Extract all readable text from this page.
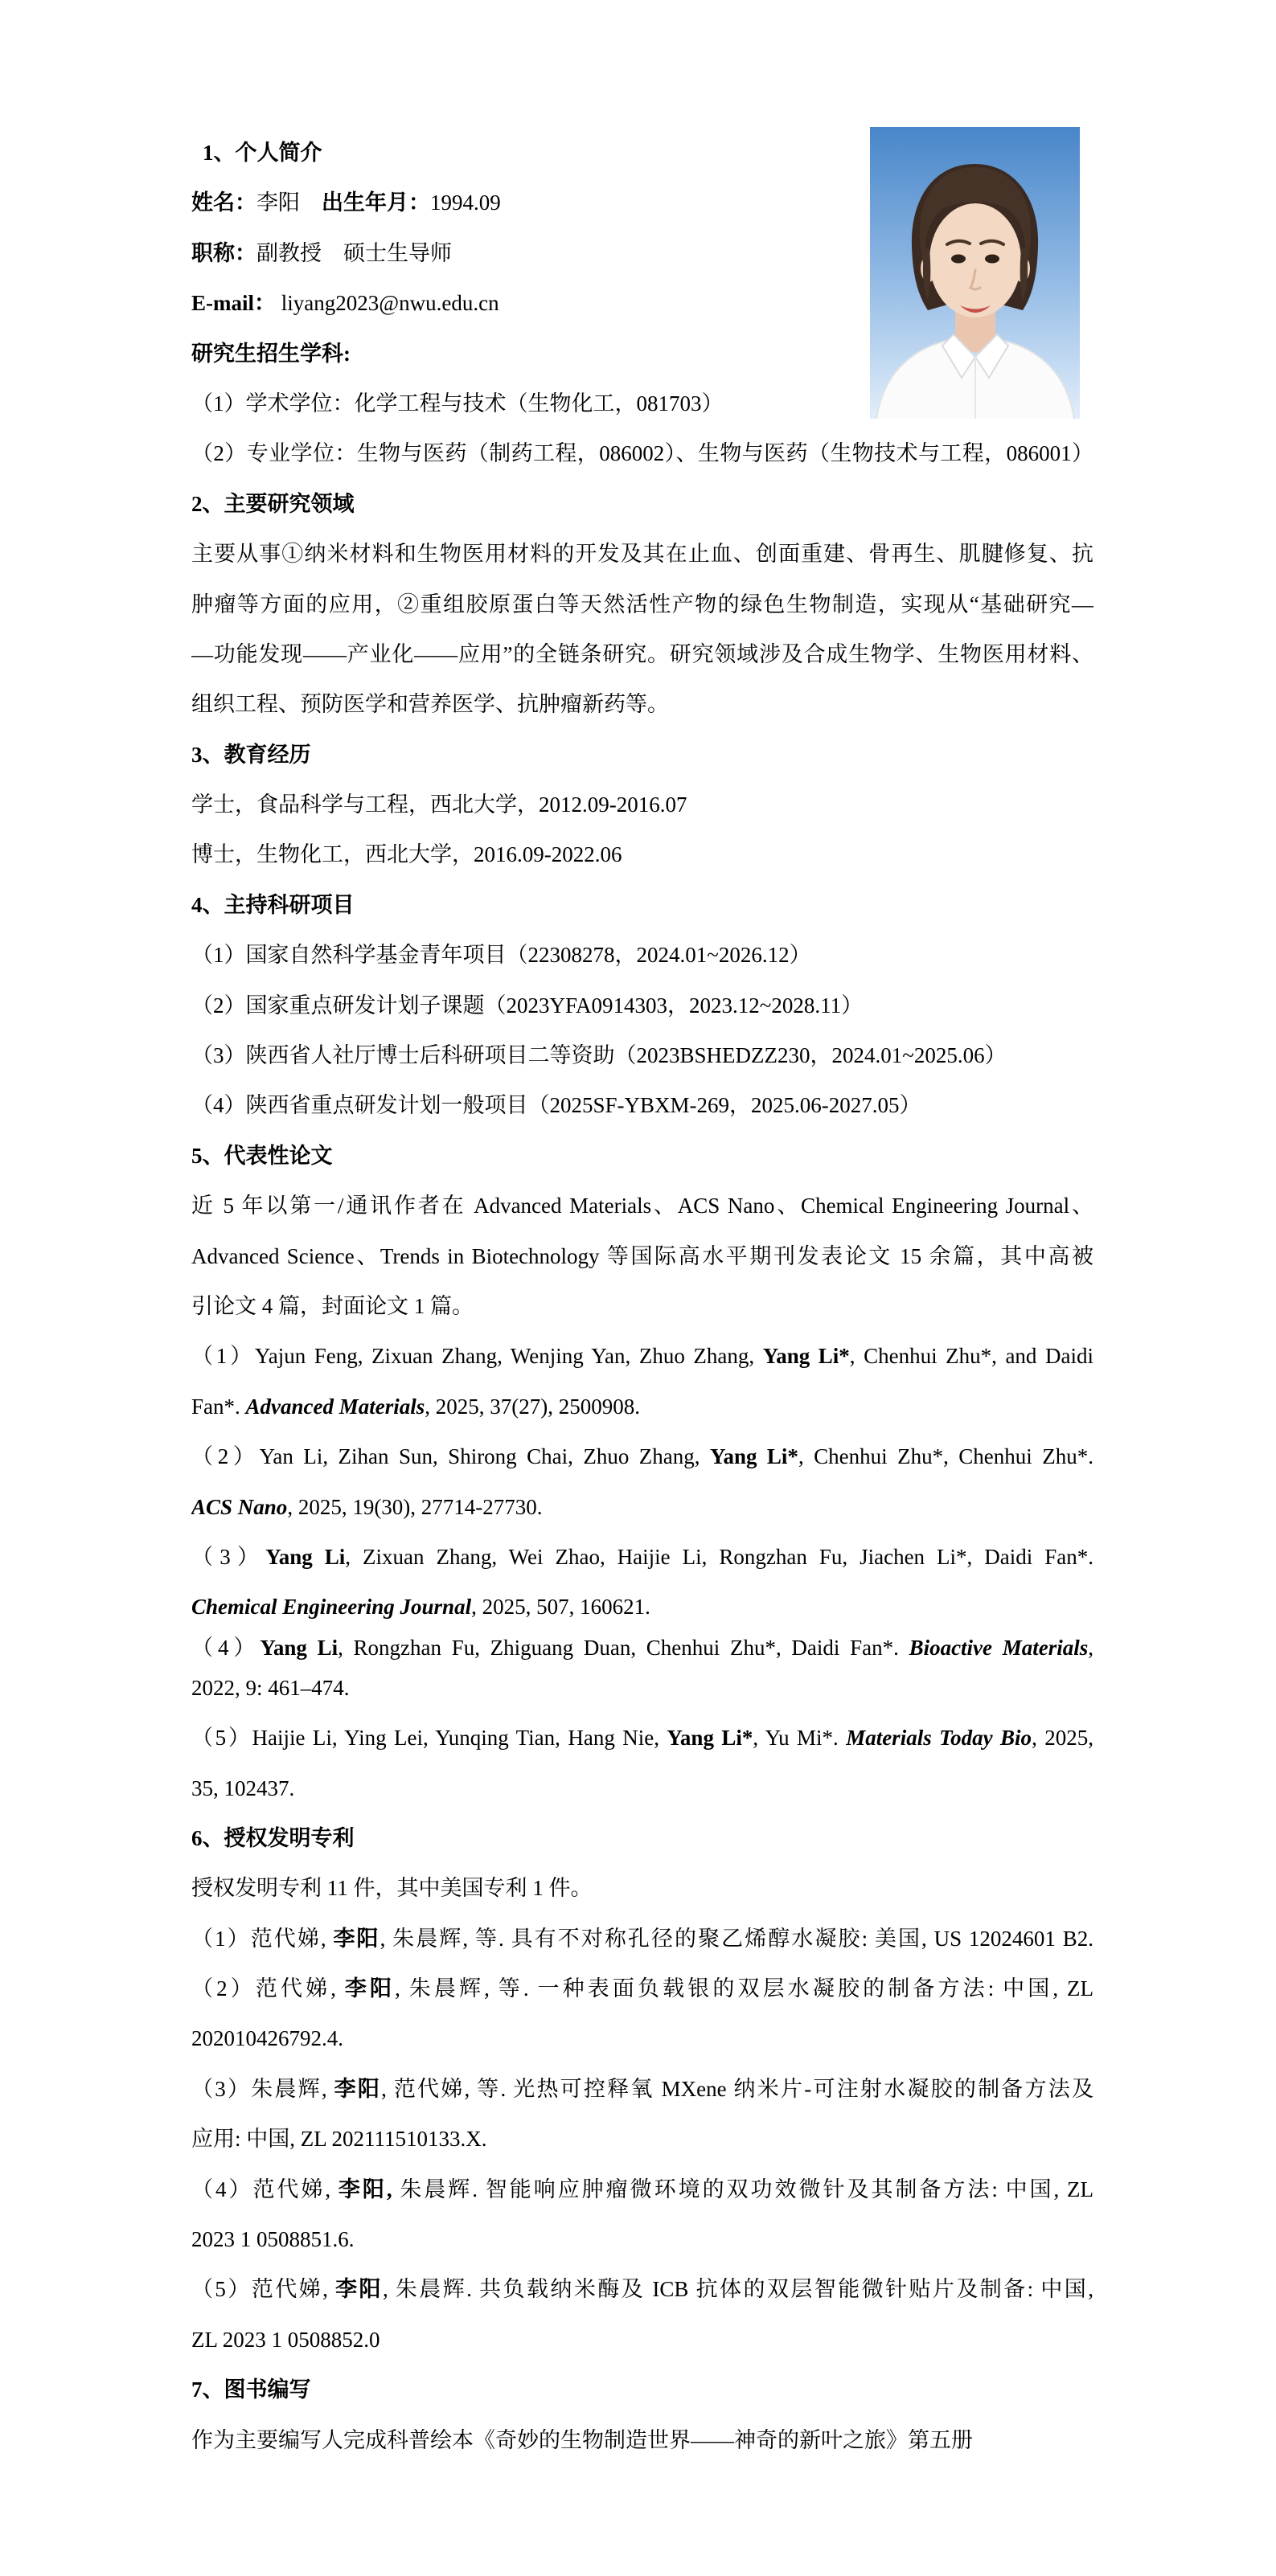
1、个人简介
姓名：李阳　出生年月：1994.09
职称：副教授　硕士生导师
E-mail： liyang2023@nwu.edu.cn
研究生招生学科:
（1）学术学位：化学工程与技术（生物化工，081703）
（2）专业学位：生物与医药（制药工程，086002）、生物与医药（生物技术与工程，086001）
2、主要研究领域
主要从事①纳米材料和生物医用材料的开发及其在止血、创面重建、骨再生、肌腱修复、抗
肿瘤等方面的应用，②重组胶原蛋白等天然活性产物的绿色生物制造，实现从“基础研究—
—功能发现——产业化——应用”的全链条研究。研究领域涉及合成生物学、生物医用材料、
组织工程、预防医学和营养医学、抗肿瘤新药等。
3、教育经历
学士，食品科学与工程，西北大学，2012.09-2016.07
博士，生物化工，西北大学，2016.09-2022.06
4、主持科研项目
（1）国家自然科学基金青年项目（22308278，2024.01~2026.12）
（2）国家重点研发计划子课题（2023YFA0914303，2023.12~2028.11）
（3）陕西省人社厅博士后科研项目二等资助（2023BSHEDZZ230，2024.01~2025.06）
（4）陕西省重点研发计划一般项目（2025SF-YBXM-269，2025.06-2027.05）
5、代表性论文
近 5 年以第一/通讯作者在 Advanced Materials、ACS Nano、Chemical Engineering Journal、
Advanced Science、Trends in Biotechnology 等国际高水平期刊发表论文 15 余篇，其中高被
引论文 4 篇，封面论文 1 篇。
（1）Yajun Feng, Zixuan Zhang, Wenjing Yan, Zhuo Zhang, Yang Li*, Chenhui Zhu*, and Daidi
Fan*. Advanced Materials, 2025, 37(27), 2500908.
（2）Yan Li, Zihan Sun, Shirong Chai, Zhuo Zhang, Yang Li*, Chenhui Zhu*, Chenhui Zhu*.
ACS Nano, 2025, 19(30), 27714-27730.
（3）Yang Li, Zixuan Zhang, Wei Zhao, Haijie Li, Rongzhan Fu, Jiachen Li*, Daidi Fan*.
Chemical Engineering Journal, 2025, 507, 160621.
（4）Yang Li, Rongzhan Fu, Zhiguang Duan, Chenhui Zhu*, Daidi Fan*. Bioactive Materials,
2022, 9: 461–474.
（5）Haijie Li, Ying Lei, Yunqing Tian, Hang Nie, Yang Li*, Yu Mi*. Materials Today Bio, 2025,
35, 102437.
6、授权发明专利
授权发明专利 11 件，其中美国专利 1 件。
（1）范代娣, 李阳, 朱晨辉, 等. 具有不对称孔径的聚乙烯醇水凝胶: 美国, US 12024601 B2.
（2）范代娣, 李阳, 朱晨辉, 等. 一种表面负载银的双层水凝胶的制备方法: 中国, ZL
202010426792.4.
（3）朱晨辉, 李阳, 范代娣, 等. 光热可控释氧 MXene 纳米片-可注射水凝胶的制备方法及
应用: 中国, ZL 202111510133.X.
（4）范代娣, 李阳, 朱晨辉. 智能响应肿瘤微环境的双功效微针及其制备方法: 中国, ZL
2023 1 0508851.6.
（5）范代娣, 李阳, 朱晨辉. 共负载纳米酶及 ICB 抗体的双层智能微针贴片及制备: 中国,
ZL 2023 1 0508852.0
7、图书编写
作为主要编写人完成科普绘本《奇妙的生物制造世界——神奇的新叶之旅》第五册
